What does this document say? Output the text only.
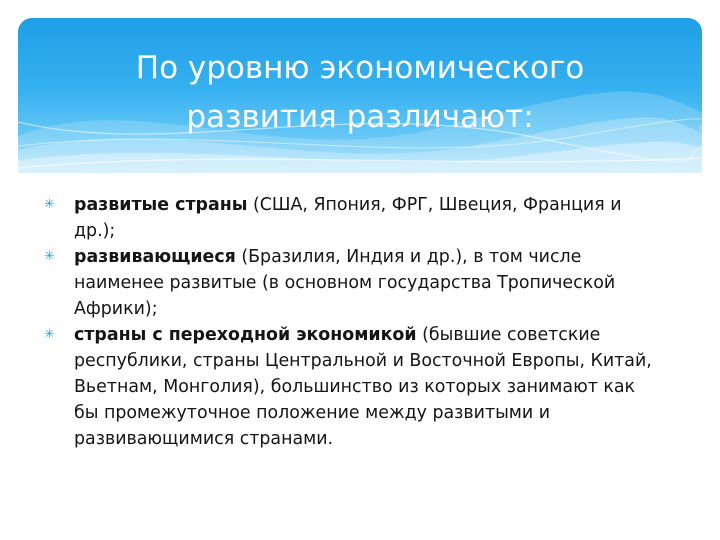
По уровню экономического
развития различают:

✳ развитые страны (США, Япония, ФРГ, Швеция, Франция и др.);

✳ развивающиеся (Бразилия, Индия и др.), в том числе наименее развитые (в основном государства Тропической Африки);

✳ страны с переходной экономикой (бывшие советские республики, страны Центральной и Восточной Европы, Китай, Вьетнам, Монголия), большинство из которых занимают как бы промежуточное положение между развитыми и развивающимися странами.
